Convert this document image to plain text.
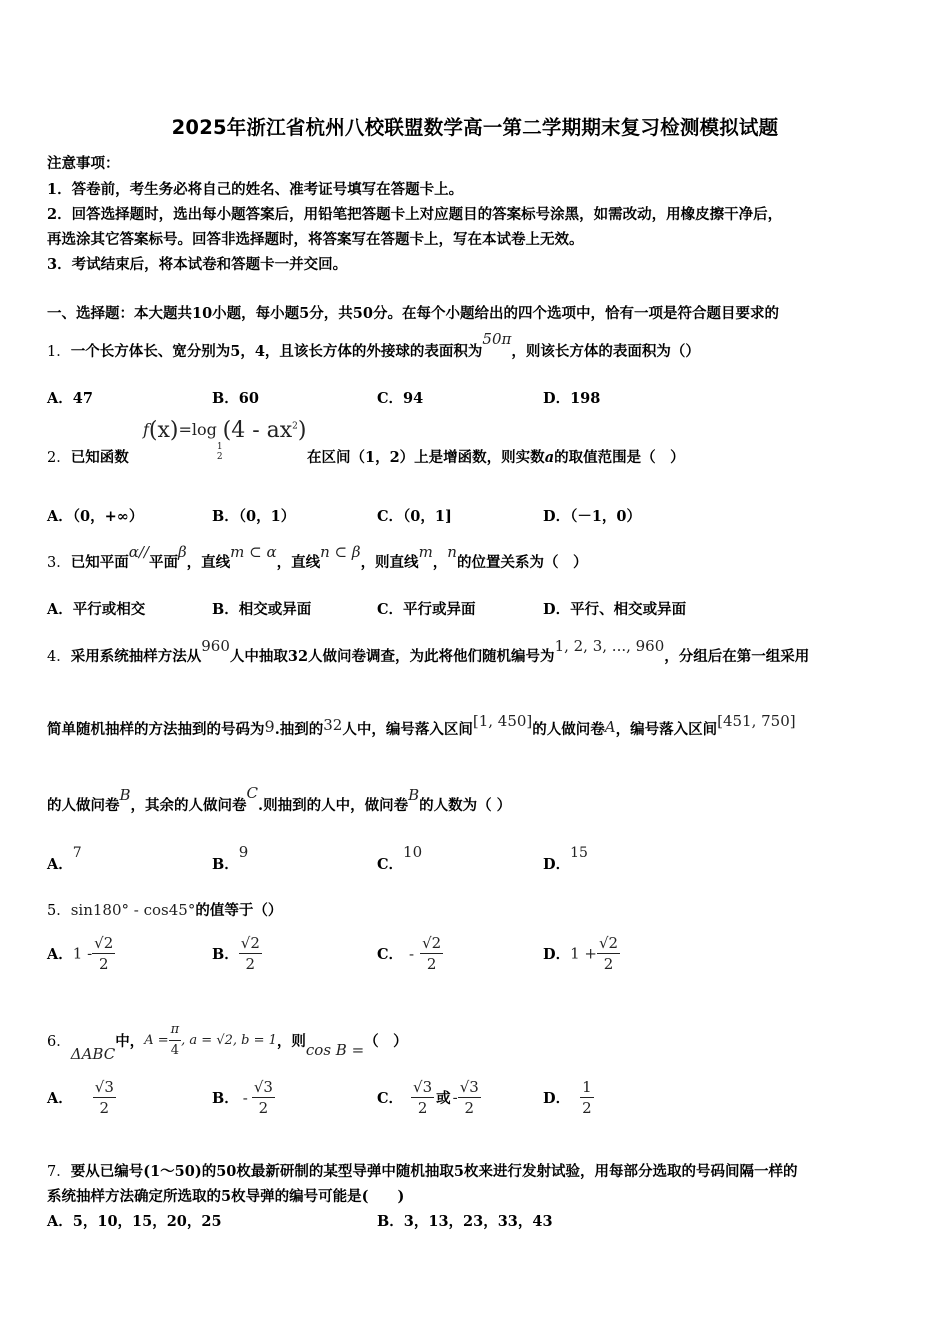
2025年浙江省杭州八校联盟数学高一第二学期期末复习检测模拟试题
注意事项：
1．答卷前，考生务必将自己的姓名、准考证号填写在答题卡上。
2．回答选择题时，选出每小题答案后，用铅笔把答题卡上对应题目的答案标号涂黑，如需改动，用橡皮擦干净后，
再选涂其它答案标号。回答非选择题时，将答案写在答题卡上，写在本试卷上无效。
3．考试结束后，将本试卷和答题卡一并交回。
一、选择题：本大题共10小题，每小题5分，共50分。在每个小题给出的四个选项中，恰有一项是符合题目要求的
1．一个长方体长、宽分别为5，4，且该长方体的外接球的表面积为50π，则该长方体的表面积为（）
A．47	B．60	C．94	D．198
2．已知函数
f(x)=log
1
2
$(4 - ax^2)$
在区间（1，2）上是增函数，则实数a的取值范围是（　）
A．（0，+∞）	B．（0，1）	C．（0，1]	D．（－1，0）
3．已知平面α//平面β，直线m ⊂ α，直线n ⊂ β，则直线m，n的位置关系为（　）
A．平行或相交	B．相交或异面	C．平行或异面	D．平行、相交或异面
4．采用系统抽样方法从960人中抽取32人做问卷调查，为此将他们随机编号为1, 2, 3, ..., 960，分组后在第一组采用
简单随机抽样的方法抽到的号码为9.抽到的32人中，编号落入区间[1, 450]的人做问卷A，编号落入区间[451, 750]
的人做问卷B，其余的人做问卷C.则抽到的人中，做问卷B的人数为（ ）
A．7
B．9
C．10
D．15
5．sin180° - cos45°的值等于（）
A．$1 - \frac{√2}{2}$	B． $\frac{√2}{2}$	C． - $\frac{√2}{2}$	D．$1 + \frac{√2}{2}$
6．ΔABC中，$A = \frac{\pi}{4}$ , a = √2, b = 1，则cos B =（　）
A． $\frac{√3}{2}$	B． - $\frac{√3}{2}$	C． $\frac{√3}{2}$ 或 - $\frac{√3}{2}$	D． $\frac{1}{2}$
7．要从已编号(1～50)的50枚最新研制的某型导弹中随机抽取5枚来进行发射试验，用每部分选取的号码间隔一样的
系统抽样方法确定所选取的5枚导弹的编号可能是(　　)
A．5，10，15，20，25	B．3，13，23，33，43
